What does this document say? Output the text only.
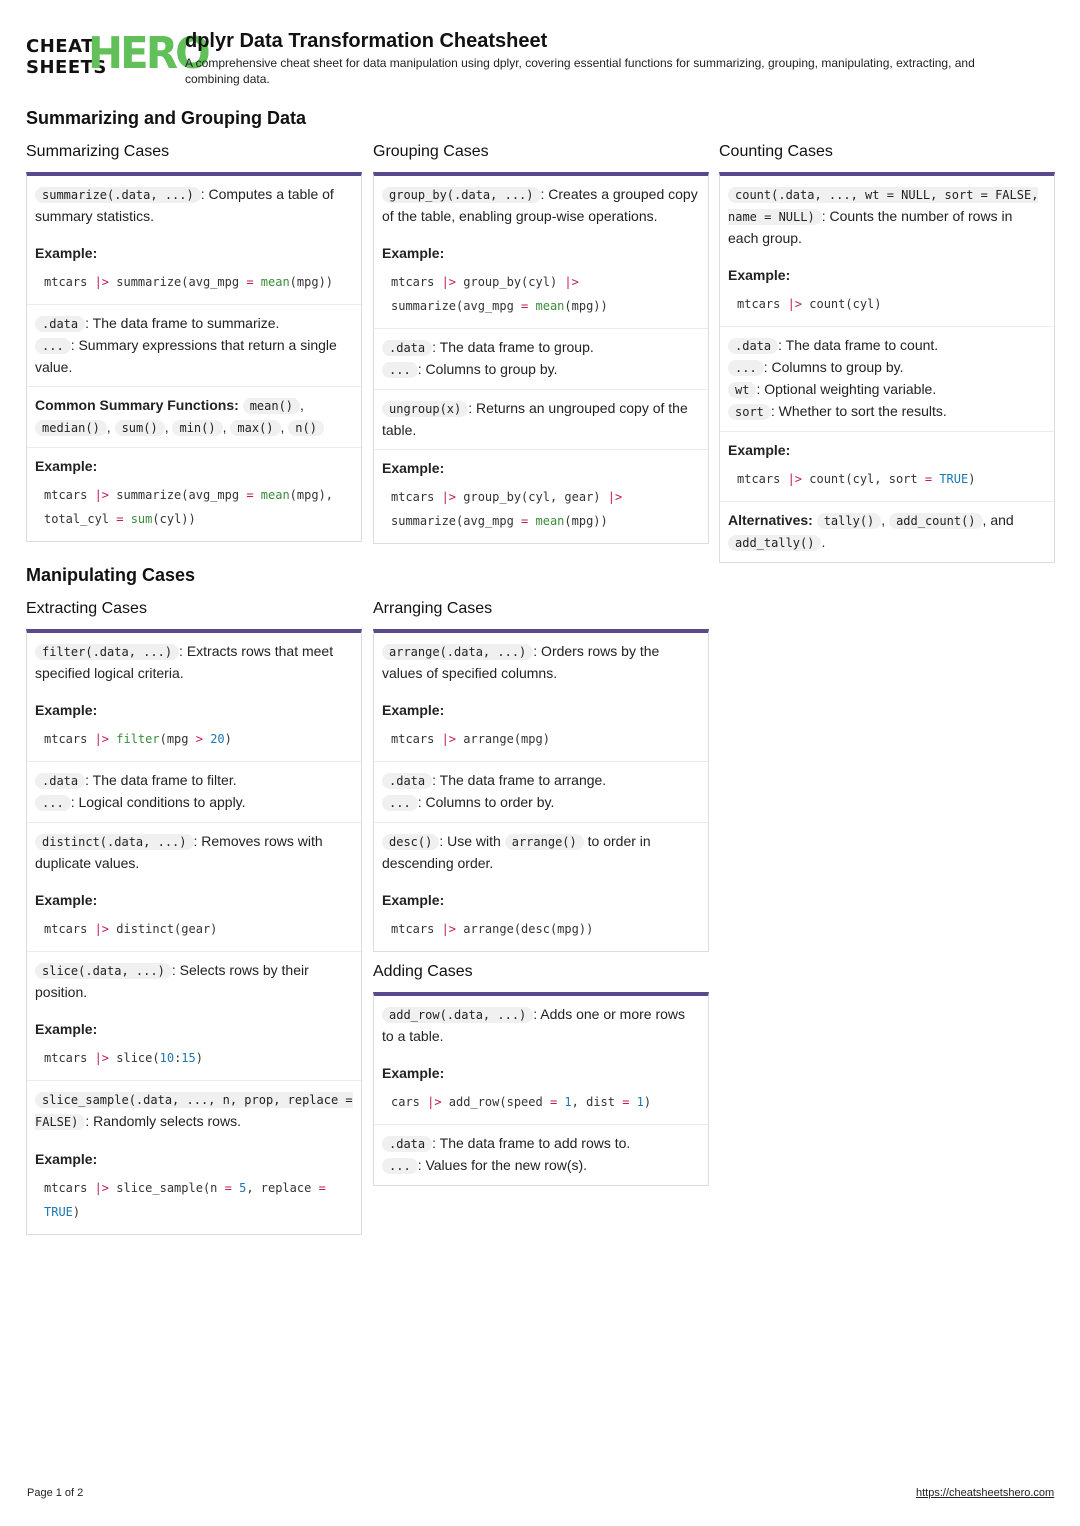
CHEAT
SHEETS
HERO
dplyr Data Transformation Cheatsheet
A comprehensive cheat sheet for data manipulation using dplyr, covering essential functions for summarizing, grouping, manipulating, extracting, and combining data.
Summarizing and Grouping Data
Summarizing Cases
summarize(.data, ...) : Computes a table of summary statistics.
Example:
mtcars |> summarize(avg_mpg = mean(mpg))
.data : The data frame to summarize.
... : Summary expressions that return a single value.
Common Summary Functions: mean() , median() , sum() , min() , max() , n()
Example:
mtcars |> summarize(avg_mpg = mean(mpg),
total_cyl = sum(cyl))
Grouping Cases
group_by(.data, ...) : Creates a grouped copy of the table, enabling group-wise operations.
Example:
mtcars |> group_by(cyl) |>
summarize(avg_mpg = mean(mpg))
.data : The data frame to group.
... : Columns to group by.
ungroup(x) : Returns an ungrouped copy of the table.
Example:
mtcars |> group_by(cyl, gear) |>
summarize(avg_mpg = mean(mpg))
Counting Cases
count(.data, ..., wt = NULL, sort = FALSE, name = NULL) : Counts the number of rows in each group.
Example:
mtcars |> count(cyl)
.data : The data frame to count.
... : Columns to group by.
wt : Optional weighting variable.
sort : Whether to sort the results.
Example:
mtcars |> count(cyl, sort = TRUE)
Alternatives: tally() , add_count() , and add_tally() .
Manipulating Cases
Extracting Cases
filter(.data, ...) : Extracts rows that meet specified logical criteria.
Example:
mtcars |> filter(mpg > 20)
.data : The data frame to filter.
... : Logical conditions to apply.
distinct(.data, ...) : Removes rows with duplicate values.
Example:
mtcars |> distinct(gear)
slice(.data, ...) : Selects rows by their position.
Example:
mtcars |> slice(10:15)
slice_sample(.data, ..., n, prop, replace = FALSE) : Randomly selects rows.
Example:
mtcars |> slice_sample(n = 5, replace =
TRUE)
Arranging Cases
arrange(.data, ...) : Orders rows by the values of specified columns.
Example:
mtcars |> arrange(mpg)
.data : The data frame to arrange.
... : Columns to order by.
desc() : Use with arrange() to order in descending order.
Example:
mtcars |> arrange(desc(mpg))
Adding Cases
add_row(.data, ...) : Adds one or more rows to a table.
Example:
cars |> add_row(speed = 1, dist = 1)
.data : The data frame to add rows to.
... : Values for the new row(s).
Page 1 of 2	https://cheatsheetshero.com
